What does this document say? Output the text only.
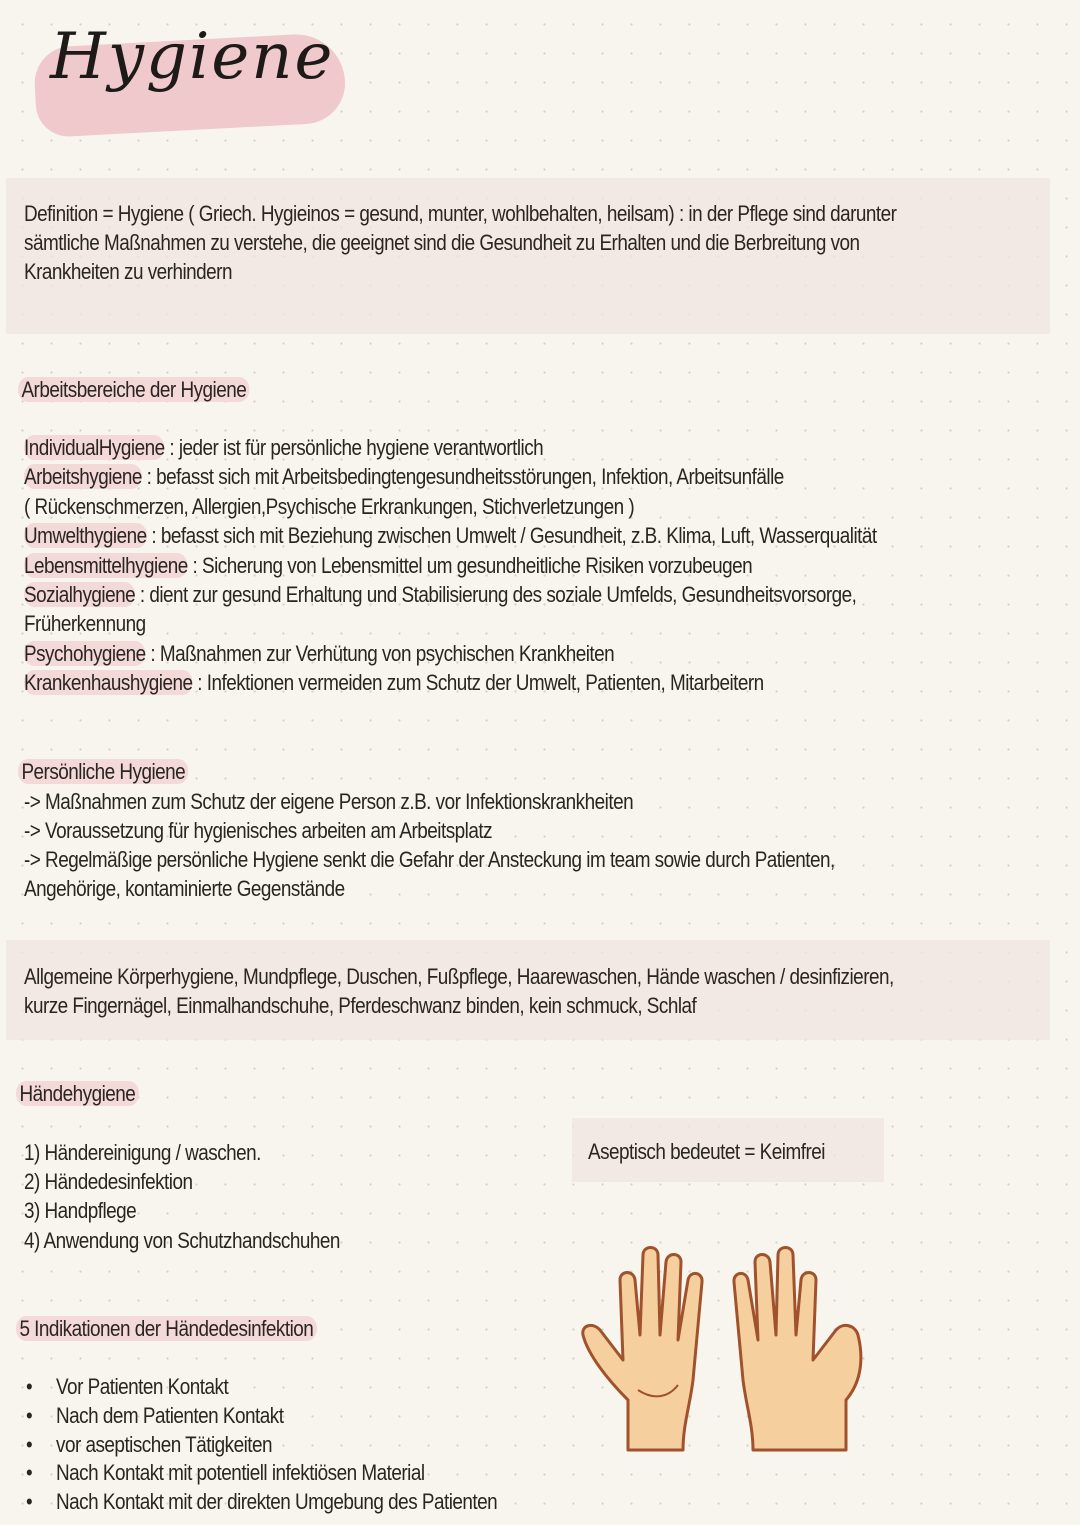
Hygiene
Definition = Hygiene ( Griech. Hygieinos = gesund, munter, wohlbehalten, heilsam) : in der Pflege sind darunter
sämtliche Maßnahmen zu verstehe, die geeignet sind die Gesundheit zu Erhalten und die Berbreitung von
Krankheiten zu verhindern
Arbeitsbereiche der Hygiene
IndividualHygiene : jeder ist für persönliche hygiene verantwortlich
Arbeitshygiene : befasst sich mit Arbeitsbedingtengesundheitsstörungen, Infektion, Arbeitsunfälle
( Rückenschmerzen, Allergien,Psychische Erkrankungen, Stichverletzungen )
Umwelthygiene : befasst sich mit Beziehung zwischen Umwelt / Gesundheit, z.B. Klima, Luft, Wasserqualität
Lebensmittelhygiene : Sicherung von Lebensmittel um gesundheitliche Risiken vorzubeugen
Sozialhygiene : dient zur gesund Erhaltung und Stabilisierung des soziale Umfelds, Gesundheitsvorsorge,
Früherkennung
Psychohygiene : Maßnahmen zur Verhütung von psychischen Krankheiten
Krankenhaushygiene : Infektionen vermeiden zum Schutz der Umwelt, Patienten, Mitarbeitern
Persönliche Hygiene
-> Maßnahmen zum Schutz der eigene Person z.B. vor Infektionskrankheiten
-> Voraussetzung für hygienisches arbeiten am Arbeitsplatz
-> Regelmäßige persönliche Hygiene senkt die Gefahr der Ansteckung im team sowie durch Patienten,
Angehörige, kontaminierte Gegenstände
Allgemeine Körperhygiene, Mundpflege, Duschen, Fußpflege, Haarewaschen, Hände waschen / desinfizieren,
kurze Fingernägel, Einmalhandschuhe, Pferdeschwanz binden, kein schmuck, Schlaf
Händehygiene
1) Händereinigung / waschen.
2) Händedesinfektion
3) Handpflege
4) Anwendung von Schutzhandschuhen
Aseptisch bedeutet = Keimfrei
5 Indikationen der Händedesinfektion
• Vor Patienten Kontakt
• Nach dem Patienten Kontakt
• vor aseptischen Tätigkeiten
• Nach Kontakt mit potentiell infektiösen Material
• Nach Kontakt mit der direkten Umgebung des Patienten
